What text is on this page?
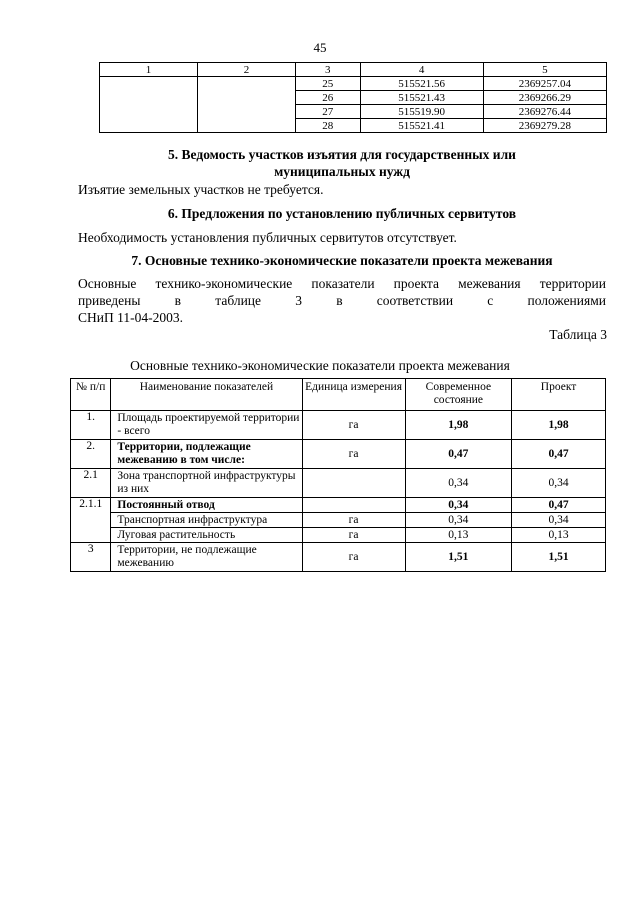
45
1	2	3	4	5
		25	515521.56	2369257.04
		26	515521.43	2369266.29
		27	515519.90	2369276.44
		28	515521.41	2369279.28
5. Ведомость участков изъятия для государственных или
муниципальных нужд
Изъятие земельных участков не требуется.
6. Предложения по установлению публичных сервитутов
Необходимость установления публичных сервитутов отсутствует.
7. Основные технико-экономические показатели проекта межевания
Основные технико-экономические показатели проекта межевания территории
приведены в таблице 3 в соответствии с положениями
СНиП 11-04-2003.
Таблица 3
Основные технико-экономические показатели проекта межевания
№ п/п	Наименование показателей	Единица измерения	Современное состояние	Проект
1.	Площадь проектируемой территории - всего	га	1,98	1,98
2.	Территории, подлежащие межеванию в том числе:	га	0,47	0,47
2.1	Зона транспортной инфраструктуры из них		0,34	0,34
2.1.1	Постоянный отвод		0,34	0,47
	Транспортная инфраструктура	га	0,34	0,34
	Луговая растительность	га	0,13	0,13
3	Территории, не подлежащие межеванию	га	1,51	1,51
